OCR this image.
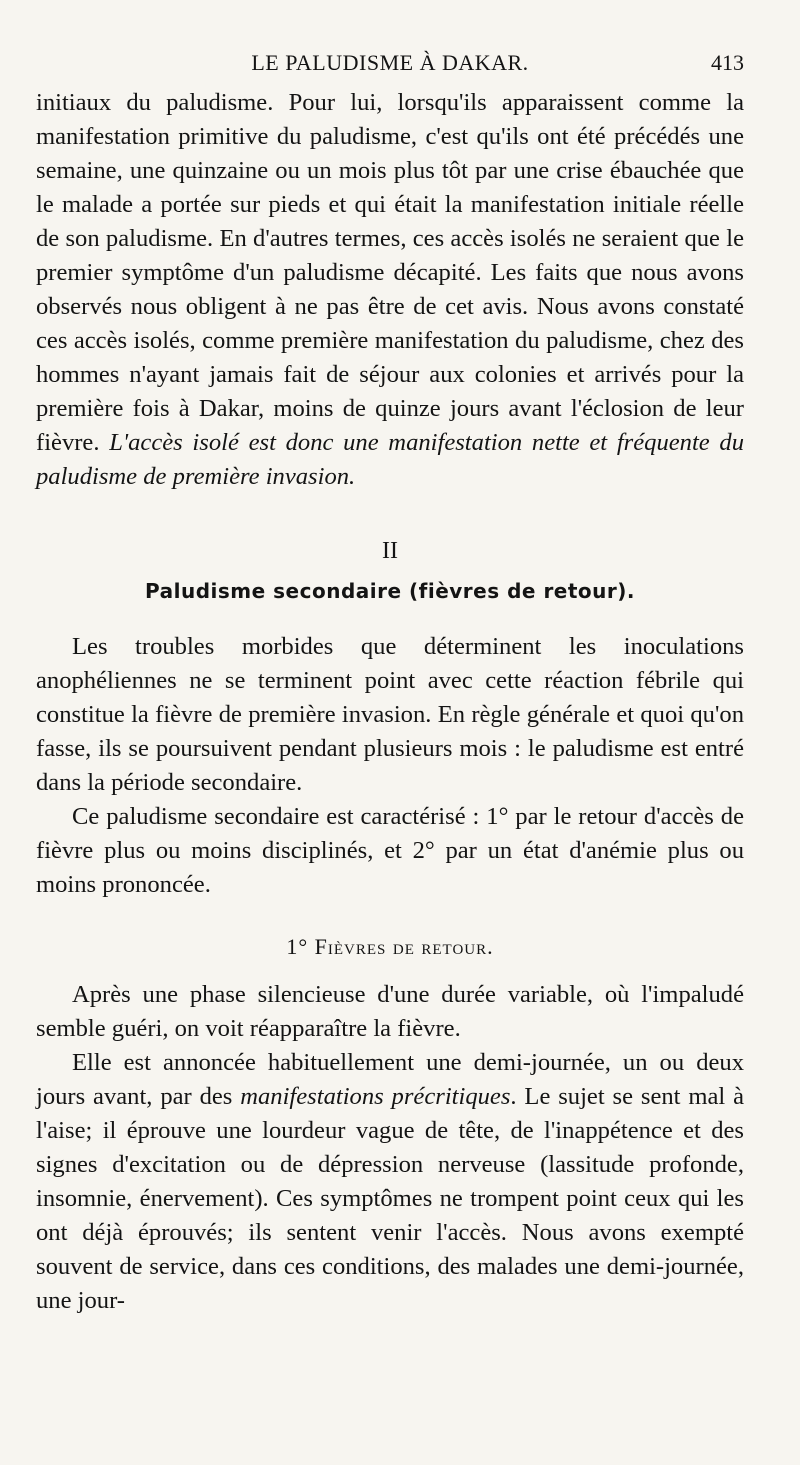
LE PALUDISME À DAKAR.	413

initiaux du paludisme. Pour lui, lorsqu'ils apparaissent comme la manifestation primitive du paludisme, c'est qu'ils ont été précédés une semaine, une quinzaine ou un mois plus tôt par une crise ébauchée que le malade a portée sur pieds et qui était la manifestation initiale réelle de son paludisme. En d'autres termes, ces accès isolés ne seraient que le premier symptôme d'un paludisme décapité. Les faits que nous avons observés nous obligent à ne pas être de cet avis. Nous avons constaté ces accès isolés, comme première manifestation du paludisme, chez des hommes n'ayant jamais fait de séjour aux colonies et arrivés pour la première fois à Dakar, moins de quinze jours avant l'éclosion de leur fièvre. L'accès isolé est donc une manifestation nette et fréquente du paludisme de première invasion.

II
Paludisme secondaire (fièvres de retour).

Les troubles morbides que déterminent les inoculations anophéliennes ne se terminent point avec cette réaction fébrile qui constitue la fièvre de première invasion. En règle générale et quoi qu'on fasse, ils se poursuivent pendant plusieurs mois : le paludisme est entré dans la période secondaire.

Ce paludisme secondaire est caractérisé : 1° par le retour d'accès de fièvre plus ou moins disciplinés, et 2° par un état d'anémie plus ou moins prononcée.

1° Fièvres de retour.

Après une phase silencieuse d'une durée variable, où l'impaludé semble guéri, on voit réapparaître la fièvre.

Elle est annoncée habituellement une demi-journée, un ou deux jours avant, par des manifestations précritiques. Le sujet se sent mal à l'aise; il éprouve une lourdeur vague de tête, de l'inappétence et des signes d'excitation ou de dépression nerveuse (lassitude profonde, insomnie, énervement). Ces symptômes ne trompent point ceux qui les ont déjà éprouvés; ils sentent venir l'accès. Nous avons exempté souvent de service, dans ces conditions, des malades une demi-journée, une jour-
